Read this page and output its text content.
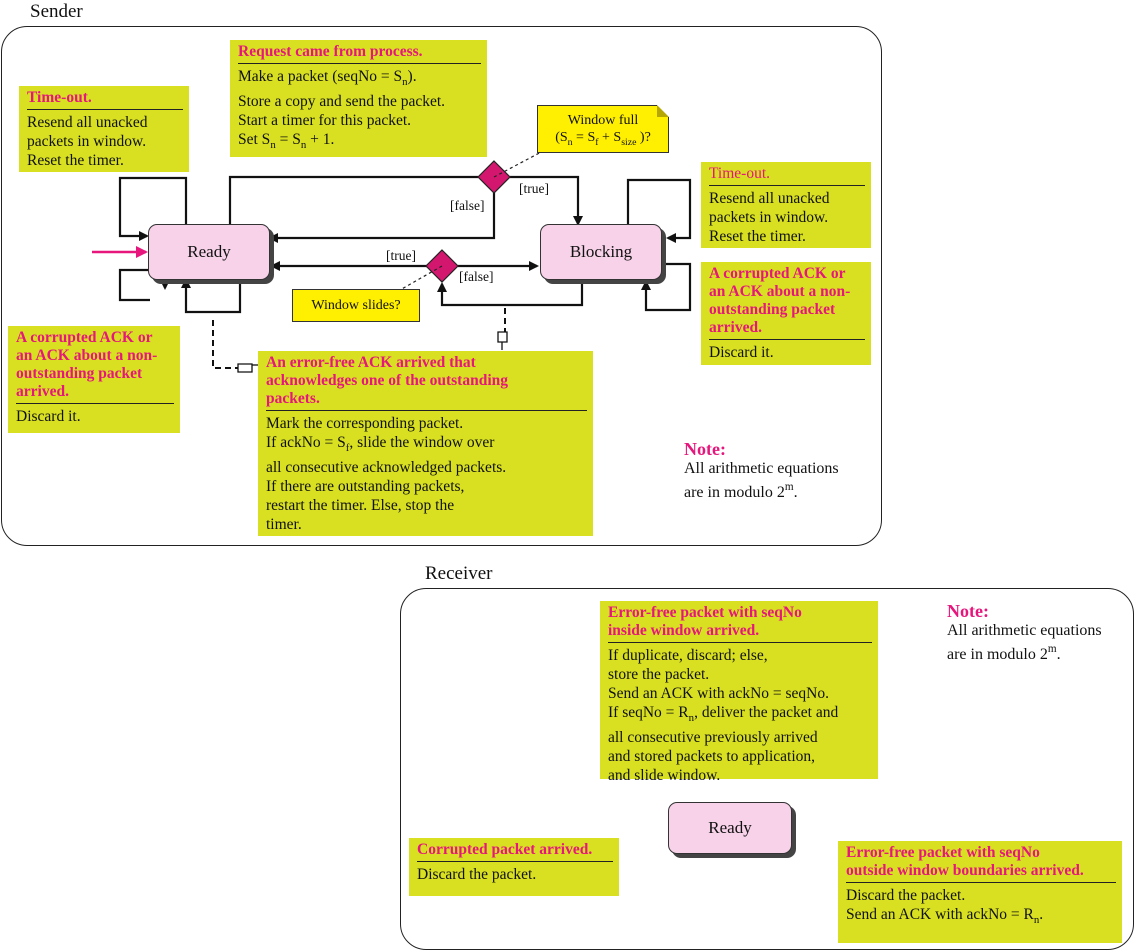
Sender
Ready	Blocking
Request came from process.
Make a packet (seqNo = $S_n$).
Store a copy and send the packet.
Start a timer for this packet.
Set $S_n = S_n + 1$.
Time-out.
Resend all unacked
packets in window.
Reset the timer.
Time-out.
Resend all unacked
packets in window.
Reset the timer.
A corrupted ACK or
an ACK about a non-
outstanding packet
arrived.
Discard it.
A corrupted ACK or
an ACK about a non-
outstanding packet
arrived.
Discard it.
An error-free ACK arrived that
acknowledges one of the outstanding
packets.
Mark the corresponding packet.
If ackNo = $S_f$, slide the window over
all consecutive acknowledged packets.
If there are outstanding packets,
restart the timer. Else, stop the
timer.
Window full
($S_n = S_f + S_{size}$ )?
Window slides?
[false]
[true]
[true]
[false]
Note:
All arithmetic equations
are in modulo 2$^m$.
Receiver
Error-free packet with seqNo
inside window arrived.
If duplicate, discard; else,
store the packet.
Send an ACK with ackNo = seqNo.
If seqNo = $R_n$, deliver the packet and
all consecutive previously arrived
and stored packets to application,
and slide window.
Ready
Corrupted packet arrived.
Discard the packet.
Error-free packet with seqNo
outside window boundaries arrived.
Discard the packet.
Send an ACK with ackNo = $R_n$.
Note:
All arithmetic equations
are in modulo 2$^m$.
